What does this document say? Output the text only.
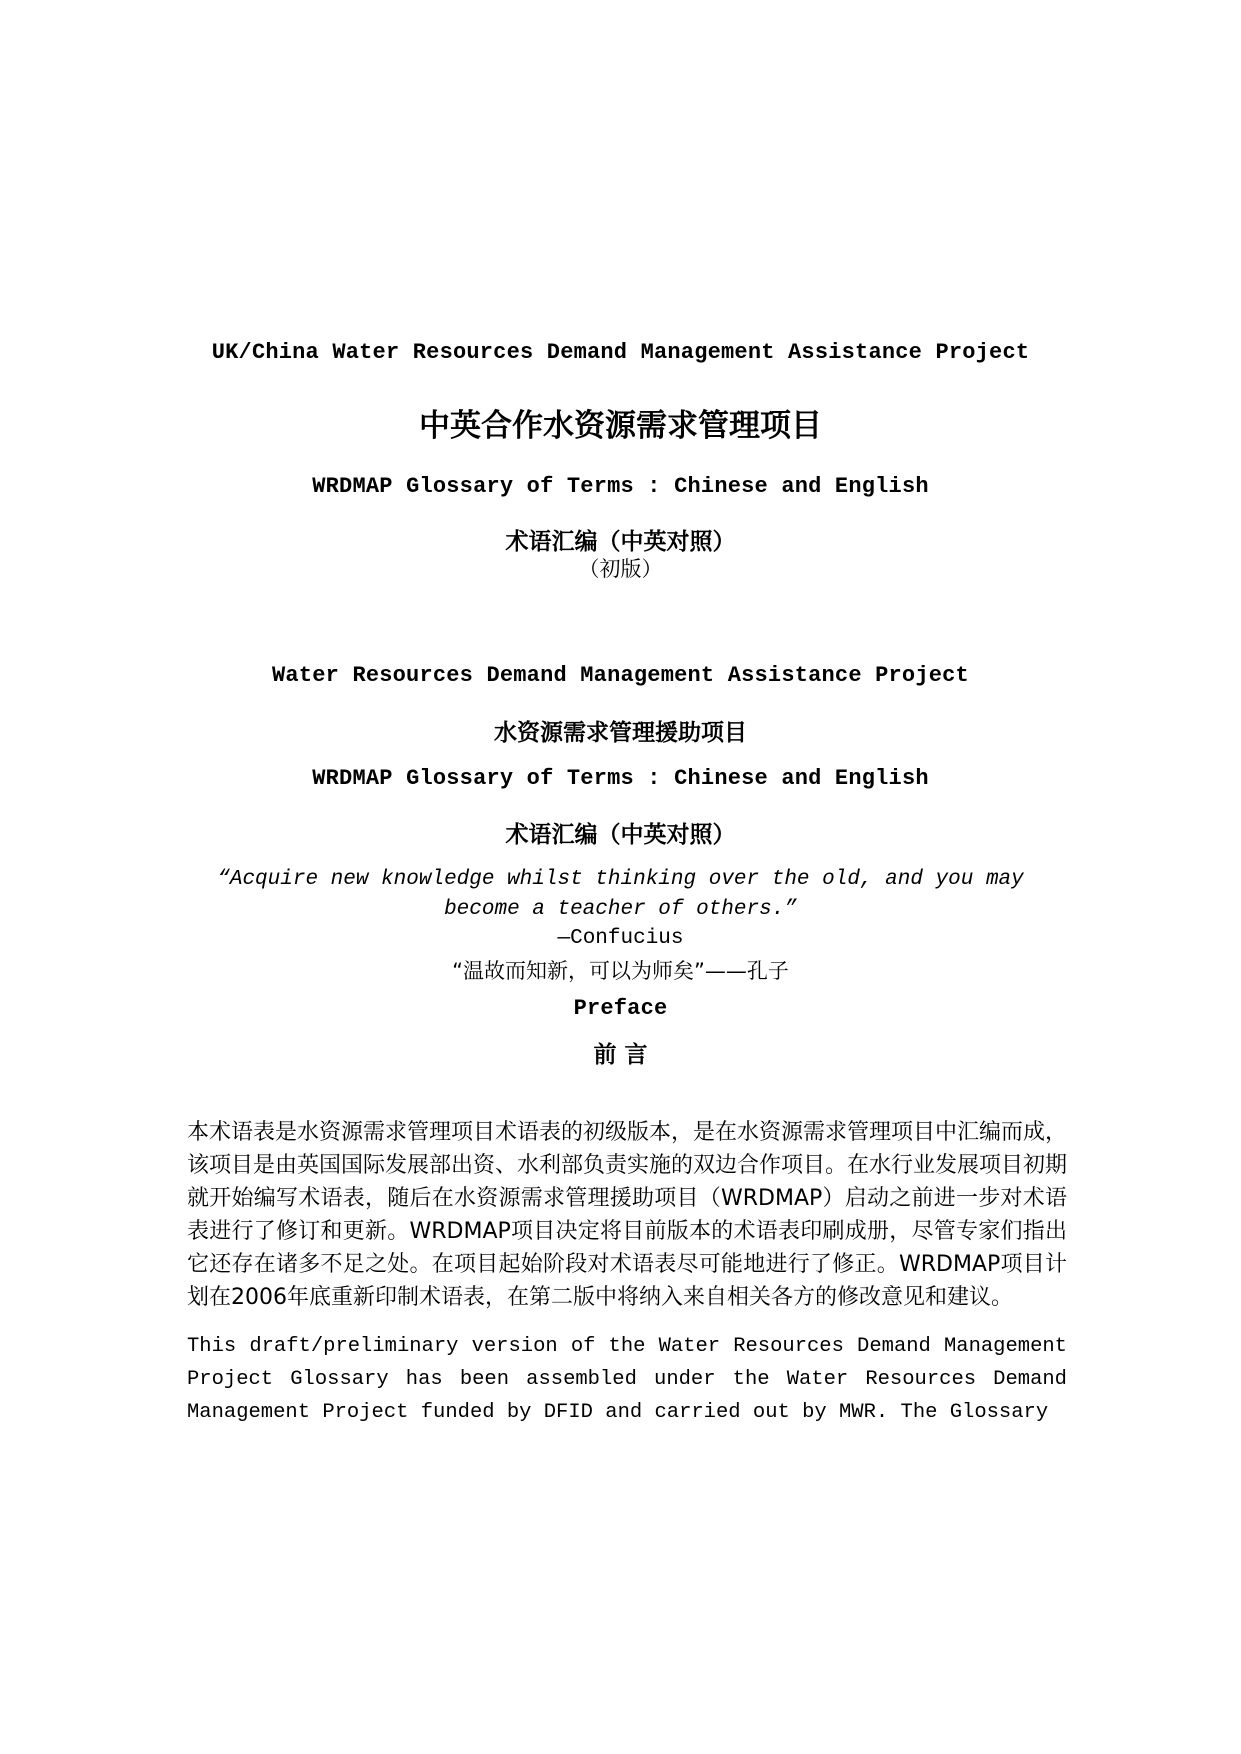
UK/China Water Resources Demand Management Assistance Project
中英合作水资源需求管理项目
WRDMAP Glossary of Terms : Chinese and English
术语汇编（中英对照）

（初版）

Water Resources Demand Management Assistance Project
水资源需求管理援助项目
WRDMAP Glossary of Terms : Chinese and English
术语汇编（中英对照）

“Acquire new knowledge whilst thinking over the old, and you may

become a teacher of others.”

—Confucius

“温故而知新，可以为师矣”——孔子

Preface
前 言

本术语表是水资源需求管理项目术语表的初级版本，是在水资源需求管理项目中汇编而成，该项目是由英国国际发展部出资、水利部负责实施的双边合作项目。在水行业发展项目初期就开始编写术语表，随后在水资源需求管理援助项目（WRDMAP）启动之前进一步对术语表进行了修订和更新。WRDMAP项目决定将目前版本的术语表印刷成册，尽管专家们指出它还存在诸多不足之处。在项目起始阶段对术语表尽可能地进行了修正。WRDMAP项目计划在2006年底重新印制术语表，在第二版中将纳入来自相关各方的修改意见和建议。

This draft/preliminary version of the Water Resources Demand Management Project Glossary has been assembled under the Water Resources Demand Management Project funded by DFID and carried out by MWR. The Glossary
